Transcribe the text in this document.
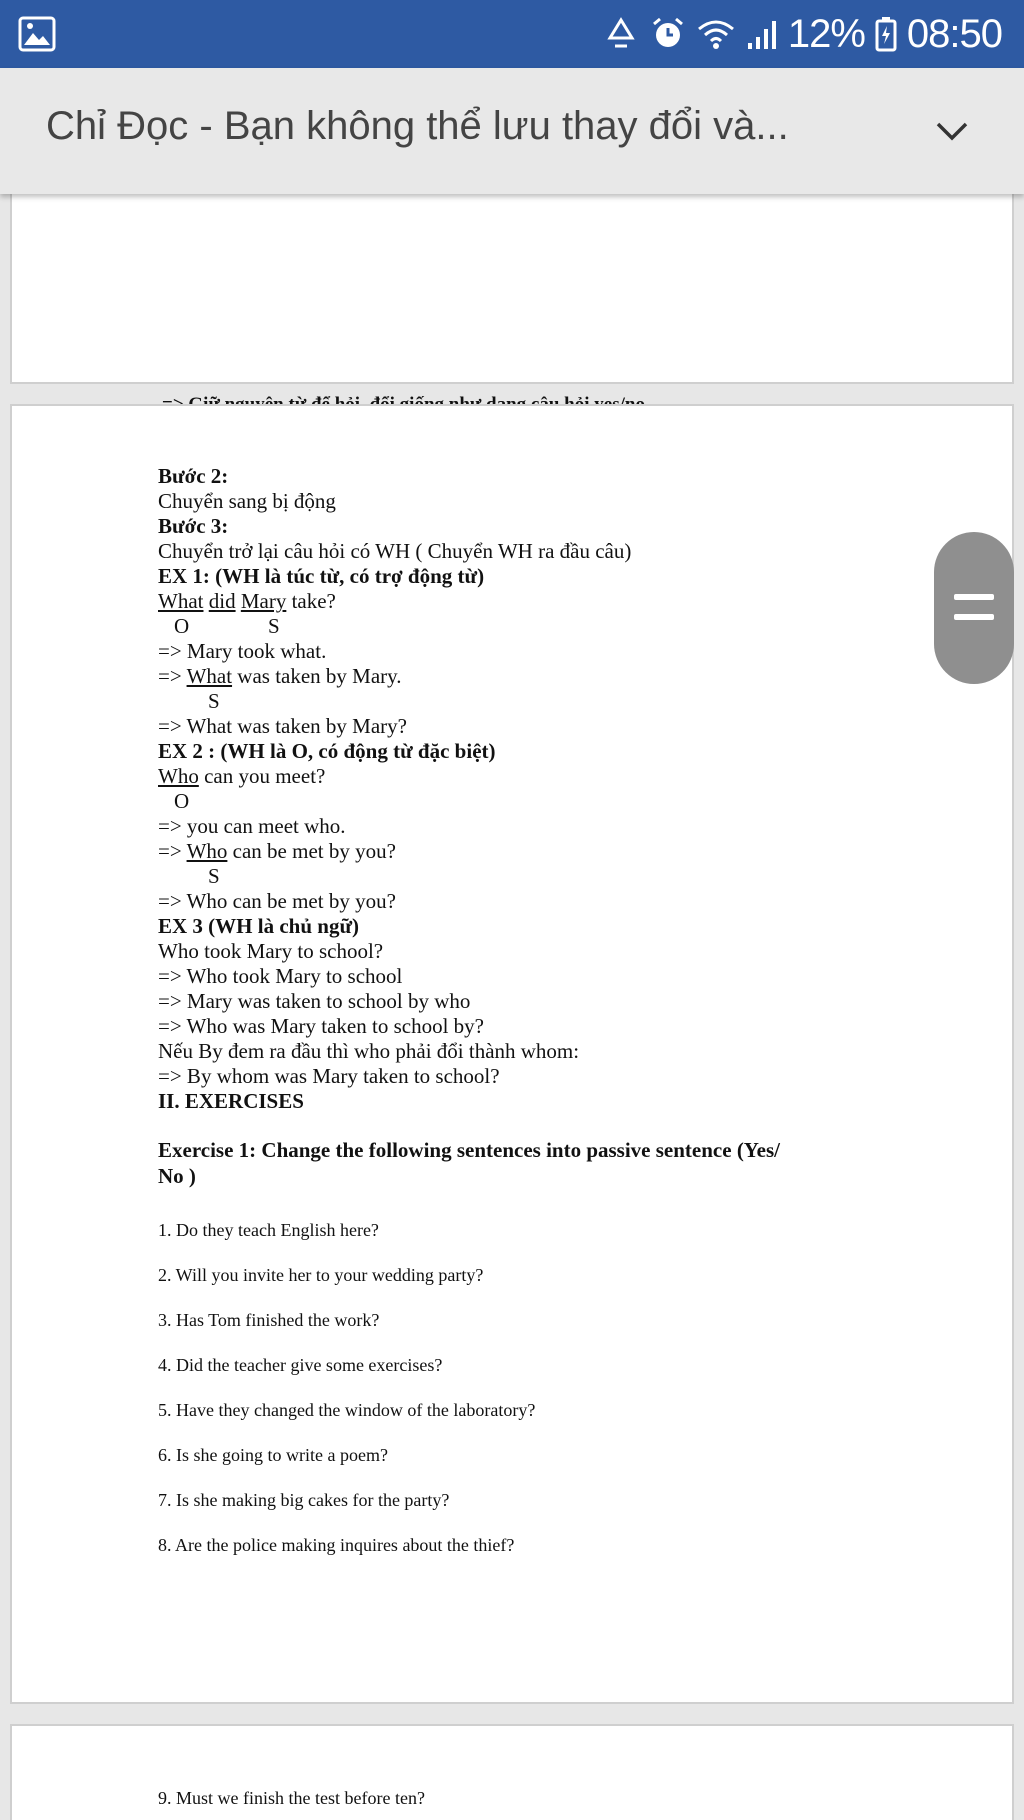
12% 08:50
Chỉ Đọc - Bạn không thể lưu thay đổi và...
Bước 2:
Chuyển sang bị động
Bước 3:
Chuyển trở lại câu hỏi có WH ( Chuyển WH ra đầu câu)
EX 1: (WH là túc từ, có trợ động từ)
What did Mary take?
O	S
=> Mary took what.
=> What was taken by Mary.
S
=> What was taken by Mary?
EX 2 : (WH là O, có động từ đặc biệt)
Who can you meet?
O
=> you can meet who.
=> Who can be met by you?
S
=> Who can be met by you?
EX 3 (WH là chủ ngữ)
Who took Mary to school?
=> Who took Mary to school
=> Mary was taken to school by who
=> Who was Mary taken to school by?
Nếu By đem ra đầu thì who phải đổi thành whom:
=> By whom was Mary taken to school?
II. EXERCISES
Exercise 1: Change the following sentences into passive sentence (Yes/
No )
1. Do they teach English here?
2. Will you invite her to your wedding party?
3. Has Tom finished the work?
4. Did the teacher give some exercises?
5. Have they changed the window of the laboratory?
6. Is she going to write a poem?
7. Is she making big cakes for the party?
8. Are the police making inquires about the thief?
9. Must we finish the test before ten?
